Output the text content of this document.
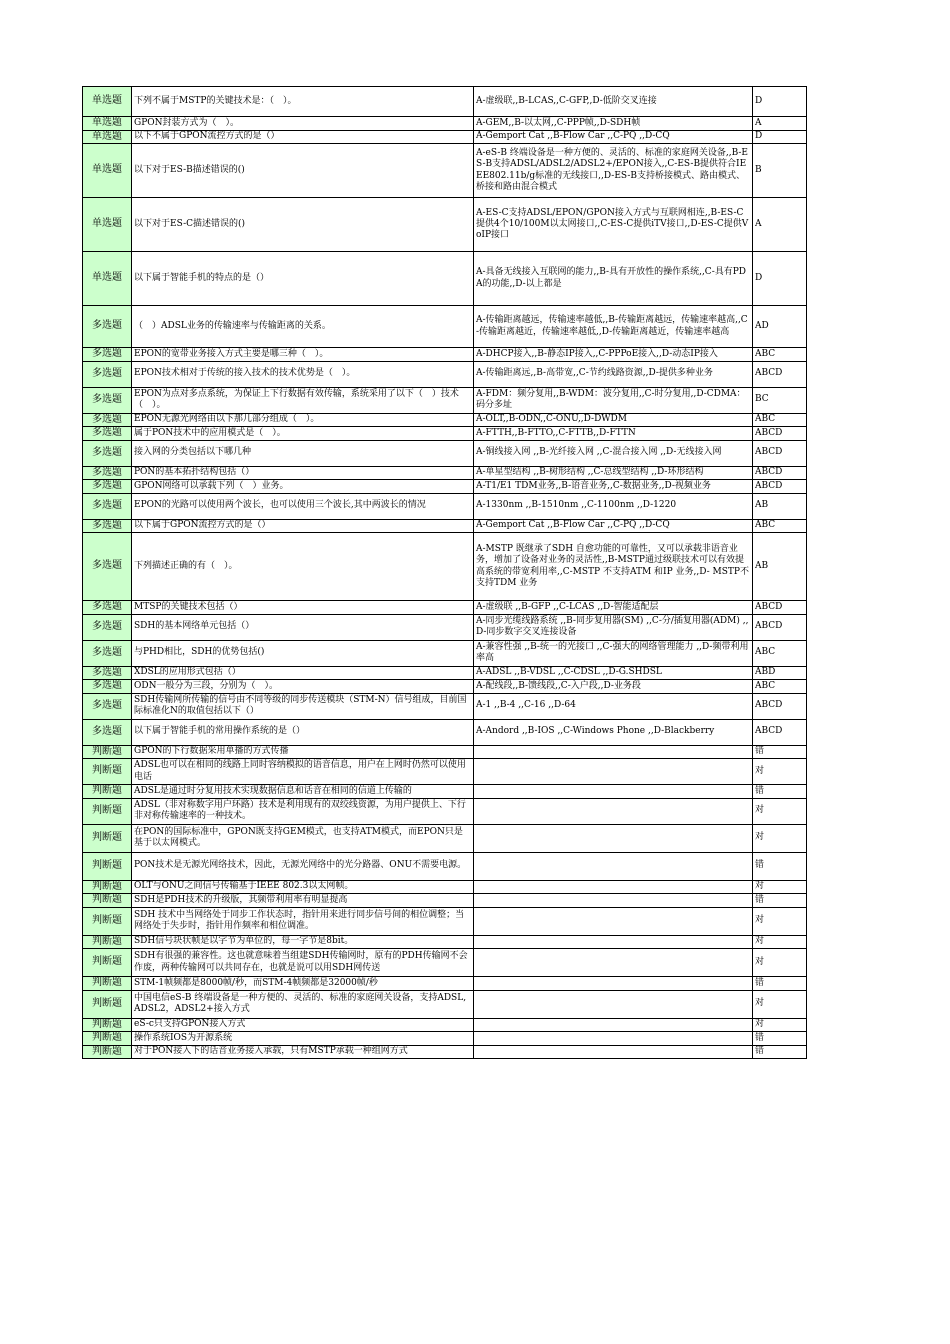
单选题	下列不属于MSTP的关键技术是：（　）。	A-虚级联,,B-LCAS,,C-GFP,,D-低阶交叉连接	D
单选题	GPON封装方式为（　）。	A-GEM,,B-以太网,,C-PPP帧,,D-SDH帧	A
单选题	以下不属于GPON流控方式的是（）	A-Gemport Cat ,,B-Flow Car ,,C-PQ ,,D-CQ	D
单选题	以下对于ES-B描述错误的()	A-eS-B 终端设备是一种方便的、灵活的、标准的家庭网关设备,,B-ES-B支持ADSL/ADSL2/ADSL2+/EPON接入,,C-ES-B提供符合IEEE802.11b/g标准的无线接口,,D-ES-B支持桥接模式、路由模式、桥接和路由混合模式	B
单选题	以下对于ES-C描述错误的()	A-ES-C支持ADSL/EPON/GPON接入方式与互联网相连,,B-ES-C提供4个10/100M以太网接口,,C-ES-C提供iTV接口,,D-ES-C提供VoIP接口	A
单选题	以下属于智能手机的特点的是（）	A-具备无线接入互联网的能力,,B-具有开放性的操作系统,,C-具有PDA的功能,,D-以上都是	D
多选题	（　）ADSL业务的传输速率与传输距离的关系。	A-传输距离越远，传输速率越低,,B-传输距离越远，传输速率越高,,C-传输距离越近，传输速率越低,,D-传输距离越近，传输速率越高	AD
多选题	EPON的宽带业务接入方式主要是哪三种（　）。	A-DHCP接入,,B-静态IP接入,,C-PPPoE接入,,D-动态IP接入	ABC
多选题	EPON技术相对于传统的接入技术的技术优势是（　）。	A-传输距离远,,B-高带宽,,C-节约线路资源,,D-提供多种业务	ABCD
多选题	EPON为点对多点系统，为保证上下行数据有效传输，系统采用了以下（　）技术（　）。	A-FDM：频分复用,,B-WDM：波分复用,,C-时分复用,,D-CDMA：码分多址	BC
多选题	EPON无源光网络由以下那几部分组成（　）。	A-OLT,,B-ODN,,C-ONU,,D-DWDM	ABC
多选题	属于PON技术中的应用模式是（　）。	A-FTTH,,B-FTTO,,C-FTTB,,D-FTTN	ABCD
多选题	接入网的分类包括以下哪几种	A-铜线接入网 ,,B-光纤接入网 ,,C-混合接入网 ,,D-无线接入网	ABCD
多选题	PON的基本拓扑结构包括（）	A-单星型结构 ,,B-树形结构 ,,C-总线型结构 ,,D-环形结构	ABCD
多选题	GPON网络可以承载下列（　）业务。	A-T1/E1 TDM业务,,B-语音业务,,C-数据业务,,D-视频业务	ABCD
多选题	EPON的光路可以使用两个波长，也可以使用三个波长,其中两波长的情况	A-1330nm ,,B-1510nm ,,C-1100nm ,,D-1220	AB
多选题	以下属于GPON流控方式的是（）	A-Gemport Cat ,,B-Flow Car ,,C-PQ ,,D-CQ	ABC
多选题	下列描述正确的有（　）。	A-MSTP 既继承了SDH 自愈功能的可靠性，又可以承载非语音业务，增加了设备对业务的灵活性,,B-MSTP通过级联技术可以有效提高系统的带宽利用率,,C-MSTP 不支持ATM 和IP 业务,,D- MSTP不支持TDM 业务	AB
多选题	MTSP的关键技术包括（）	A-虚级联 ,,B-GFP ,,C-LCAS ,,D-智能适配层	ABCD
多选题	SDH的基本网络单元包括（）	A-同步光缆线路系统 ,,B-同步复用器(SM) ,,C-分/插复用器(ADM) ,,D-同步数字交叉连接设备	ABCD
多选题	与PHD相比，SDH的优势包括()	A-兼容性强 ,,B-统一的光接口 ,,C-强大的网络管理能力 ,,D-频带利用率高	ABC
多选题	XDSL的应用形式包括（）	A-ADSL ,,B-VDSL ,,C-CDSL ,,D-G.SHDSL	ABD
多选题	ODN一般分为三段，分别为（　）。	A-配线段,,B-馈线段,,C-入户段,,D-业务段	ABC
多选题	SDH传输网所传输的信号由不同等级的同步传送模块（STM-N）信号组成，目前国际标准化N的取值包括以下（）	A-1 ,,B-4 ,,C-16 ,,D-64	ABCD
多选题	以下属于智能手机的常用操作系统的是（）	A-Andord ,,B-IOS ,,C-Windows Phone ,,D-Blackberry	ABCD
判断题	GPON的下行数据采用单播的方式传播		错
判断题	ADSL也可以在相同的线路上同时容纳模拟的语音信息，用户在上网时仍然可以使用电话		对
判断题	ADSL是通过时分复用技术实现数据信息和话音在相同的信道上传输的		错
判断题	ADSL（非对称数字用户环路）技术是利用现有的双绞线资源，为用户提供上、下行非对称传输速率的一种技术。		对
判断题	在PON的国际标准中，GPON既支持GEM模式，也支持ATM模式，而EPON只是基于以太网模式。		对
判断题	PON技术是无源光网络技术，因此，无源光网络中的光分路器、ONU不需要电源。		错
判断题	OLT与ONU之间信号传输基于IEEE 802.3以太网帧。		对
判断题	SDH是PDH技术的升级版，其频带利用率有明显提高		错
判断题	SDH 技术中当网络处于同步工作状态时，指针用来进行同步信号间的相位调整；当网络处于失步时，指针用作频率和相位调准。		对
判断题	SDH信号块状帧是以字节为单位的，每一字节是8bit。		对
判断题	SDH有很强的兼容性。这也就意味着当组建SDH传输网时，原有的PDH传输网不会作废，两种传输网可以共同存在，也就是说可以用SDH网传送		对
判断题	STM-1帧频都是8000帧/秒，而STM-4帧频都是32000帧/秒		错
判断题	中国电信eS-B 终端设备是一种方便的、灵活的、标准的家庭网关设备，支持ADSL,ADSL2，ADSL2+接入方式		对
判断题	eS-c只支持GPON接入方式		对
判断题	操作系统IOS为开源系统		错
判断题	对于PON接入下的话音业务接入承载，只有MSTP承载一种组网方式		错
